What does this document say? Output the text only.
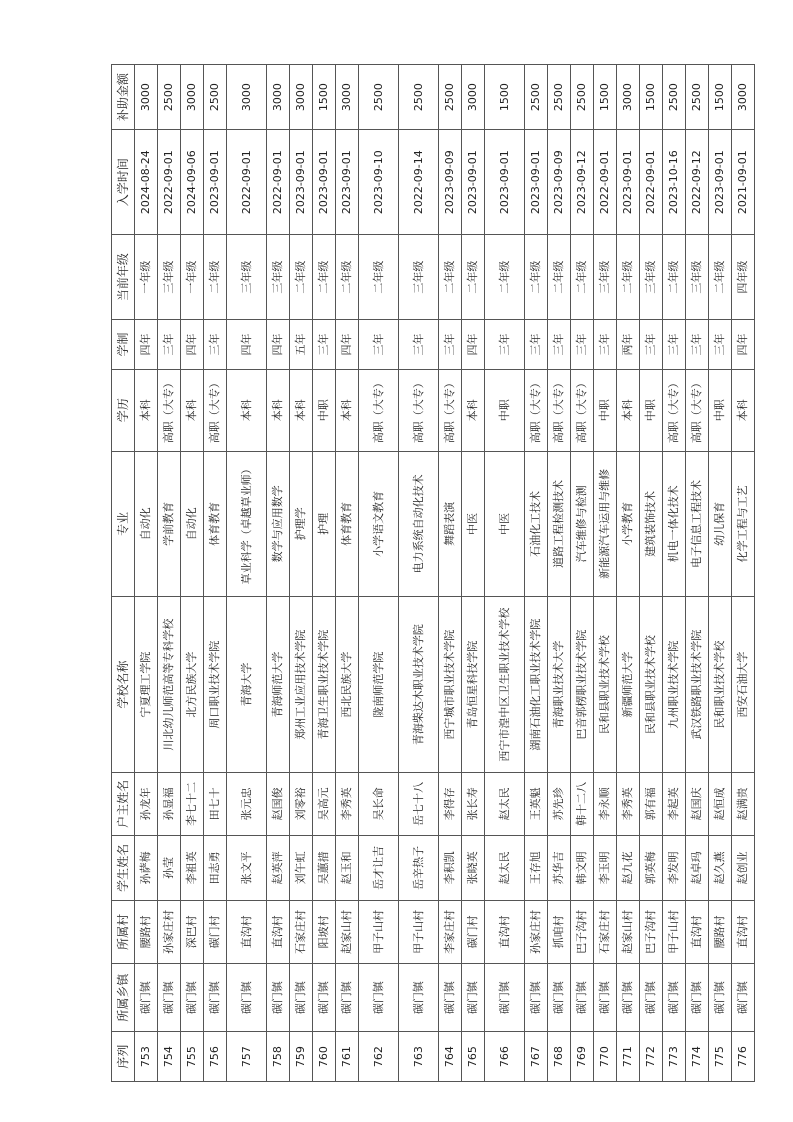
序列	所属乡镇	所属村	学生姓名	户主姓名	学校名称	专业	学历	学制	当前年级	入学时间	补助金额
753	碳门镇	腰路村	孙萨梅	孙龙年	宁夏理工学院	自动化	本科	四年	一年级	2024-08-24	3000
754	碳门镇	孙家庄村	孙莹	孙显福	川北幼儿师范高等专科学校	学前教育	高职（大专）	三年	三年级	2022-09-01	2500
755	碳门镇	深巴村	李祖英	李七十二	北方民族大学	自动化	本科	四年	一年级	2024-09-06	3000
756	碳门镇	碳门村	田志勇	田七十	周口职业技术学院	体育教育	高职（大专）	三年	二年级	2023-09-01	2500
757	碳门镇	直沟村	张文平	张元忠	青海大学	草业科学（卓越草业师）	本科	四年	三年级	2022-09-01	3000
758	碳门镇	直沟村	赵英萍	赵国俊	青海师范大学	数学与应用数学	本科	四年	三年级	2022-09-01	3000
759	碳门镇	石家庄村	刘午虹	刘零裕	郑州工业应用技术学院	护理学	本科	五年	二年级	2023-09-01	3000
760	碳门镇	阳坡村	吴蕙措	吴高元	青海卫生职业技术学院	护理	中职	三年	二年级	2023-09-01	1500
761	碳门镇	赵家山村	赵玉和	李秀英	西北民族大学	体育教育	本科	四年	二年级	2023-09-01	3000
762	碳门镇	甲子山村	岳才让吉	吴长命	陇南师范学院	小学语文教育	高职（大专）	三年	二年级	2023-09-10	2500
763	碳门镇	甲子山村	岳辛热子	岳七十八	青海柴达木职业技术学院	电力系统自动化技术	高职（大专）	三年	三年级	2022-09-14	2500
764	碳门镇	李家庄村	李积凯	李得存	西宁城市职业技术学院	舞蹈表演	高职（大专）	三年	二年级	2023-09-09	2500
765	碳门镇	碳门村	张晓英	张长寿	青岛恒星科技学院	中医	本科	四年	二年级	2023-09-01	3000
766	碳门镇	直沟村	赵太民	赵太民	西宁市湟中区卫生职业技术学校	中医	中职	三年	二年级	2023-09-01	1500
767	碳门镇	孙家庄村	王存旭	王英魁	湖南石油化工职业技术学院	石油化工技术	高职（大专）	三年	二年级	2023-09-01	2500
768	碳门镇	抓咱村	苏华吉	苏先珍	青海职业技术大学	道路工程检测技术	高职（大专）	三年	二年级	2023-09-09	2500
769	碳门镇	巴子沟村	韩文明	韩十二八	巴音郭楞职业技术学院	汽车维修与检测	高职（大专）	三年	二年级	2023-09-12	2500
770	碳门镇	石家庄村	李玉明	李永顺	民和县职业技术学校	新能源汽车运用与维修	中职	三年	三年级	2022-09-01	1500
771	碳门镇	赵家山村	赵九花	李秀英	新疆师范大学	小学教育	本科	两年	二年级	2023-09-01	3000
772	碳门镇	巴子沟村	郭英梅	郭有福	民和县职业技术学校	建筑装饰技术	中职	三年	三年级	2022-09-01	1500
773	碳门镇	甲子山村	李发明	李起英	九州职业技术学院	机电一体化技术	高职（大专）	三年	二年级	2023-10-16	2500
774	碳门镇	直沟村	赵卓玛	赵国庆	武汉铁路职业技术学院	电子信息工程技术	高职（大专）	三年	三年级	2022-09-12	2500
775	碳门镇	腰路村	赵久燕	赵恒成	民和职业技术学校	幼儿保育	中职	三年	二年级	2023-09-01	1500
776	碳门镇	直沟村	赵创业	赵满贵	西安石油大学	化学工程与工艺	本科	四年	四年级	2021-09-01	3000
